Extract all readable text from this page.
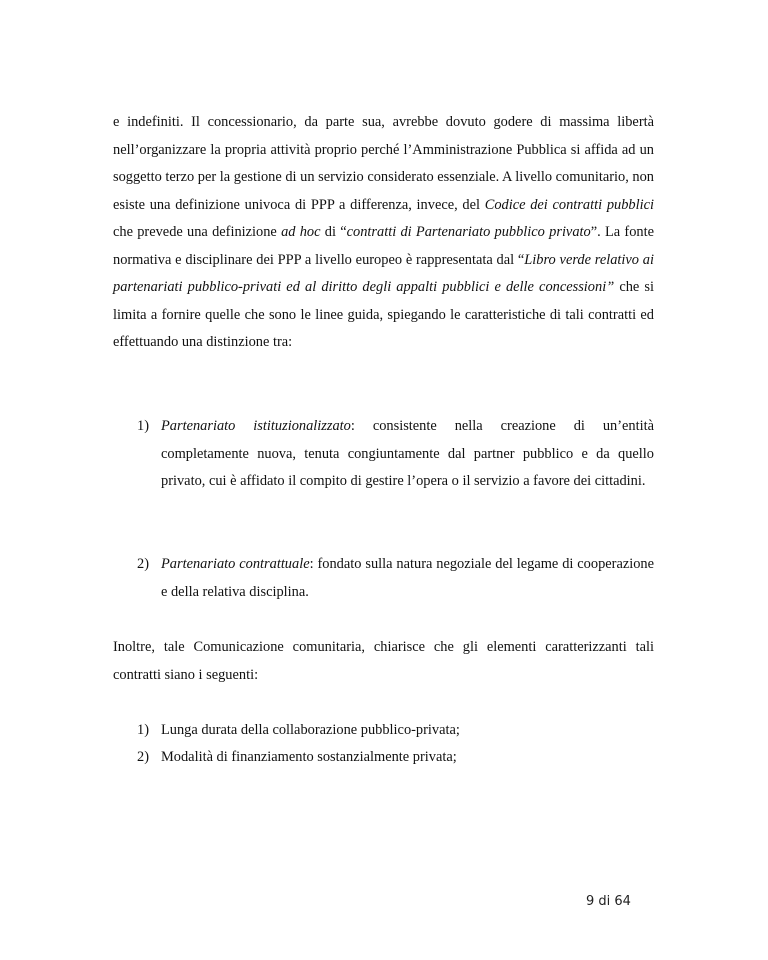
e indefiniti. Il concessionario, da parte sua, avrebbe dovuto godere di massima libertà nell’organizzare la propria attività proprio perché l’Amministrazione Pubblica si affida ad un soggetto terzo per la gestione di un servizio considerato essenziale. A livello comunitario, non esiste una definizione univoca di PPP a differenza, invece, del Codice dei contratti pubblici che prevede una definizione ad hoc di “contratti di Partenariato pubblico privato”. La fonte normativa e disciplinare dei PPP a livello europeo è rappresentata dal “Libro verde relativo ai partenariati pubblico-privati ed al diritto degli appalti pubblici e delle concessioni” che si limita a fornire quelle che sono le linee guida, spiegando le caratteristiche di tali contratti ed effettuando una distinzione tra:

1) Partenariato istituzionalizzato: consistente nella creazione di un’entità completamente nuova, tenuta congiuntamente dal partner pubblico e da quello privato, cui è affidato il compito di gestire l’opera o il servizio a favore dei cittadini.
2) Partenariato contrattuale: fondato sulla natura negoziale del legame di cooperazione e della relativa disciplina.

Inoltre, tale Comunicazione comunitaria, chiarisce che gli elementi caratterizzanti tali contratti siano i seguenti:

1) Lunga durata della collaborazione pubblico-privata;
2) Modalità di finanziamento sostanzialmente privata;
9 di 64
